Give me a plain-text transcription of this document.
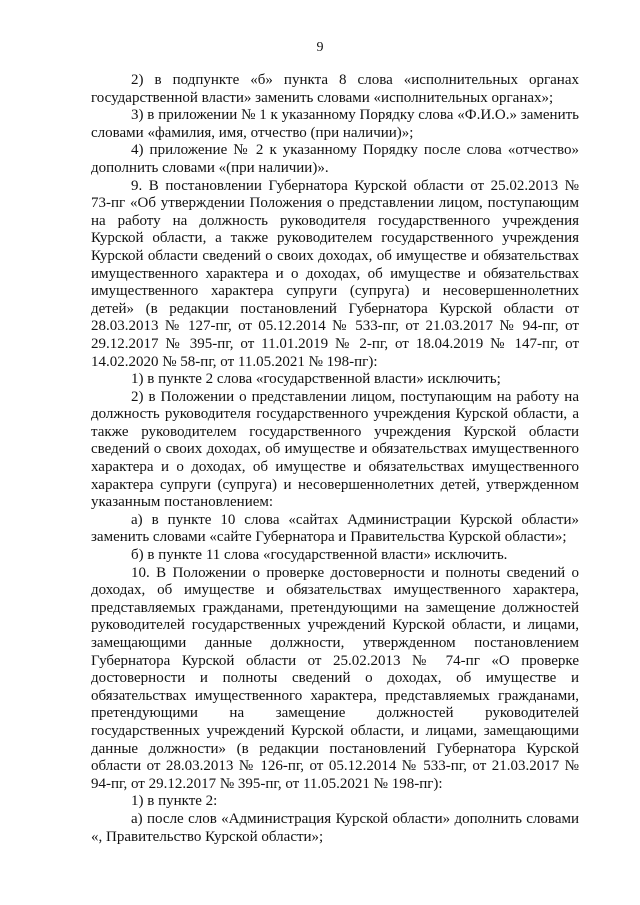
9

2) в подпункте «б» пункта 8 слова «исполнительных органах государственной власти» заменить словами «исполнительных органах»;

3) в приложении № 1 к указанному Порядку слова «Ф.И.О.» заменить словами «фамилия, имя, отчество (при наличии)»;

4) приложение № 2 к указанному Порядку после слова «отчество» дополнить словами «(при наличии)».

9. В постановлении Губернатора Курской области от 25.02.2013 № 73-пг «Об утверждении Положения о представлении лицом, поступающим на работу на должность руководителя государственного учреждения Курской области, а также руководителем государственного учреждения Курской области сведений о своих доходах, об имуществе и обязательствах имущественного характера и о доходах, об имуществе и обязательствах имущественного характера супруги (супруга) и несовершеннолетних детей» (в редакции постановлений Губернатора Курской области от 28.03.2013 № 127-пг, от 05.12.2014 № 533-пг, от 21.03.2017 № 94-пг, от 29.12.2017 № 395-пг, от 11.01.2019 № 2-пг, от 18.04.2019 № 147-пг, от 14.02.2020 № 58-пг, от 11.05.2021 № 198-пг):

1) в пункте 2 слова «государственной власти» исключить;

2) в Положении о представлении лицом, поступающим на работу на должность руководителя государственного учреждения Курской области, а также руководителем государственного учреждения Курской области сведений о своих доходах, об имуществе и обязательствах имущественного характера и о доходах, об имуществе и обязательствах имущественного характера супруги (супруга) и несовершеннолетних детей, утвержденном указанным постановлением:

а) в пункте 10 слова «сайтах Администрации Курской области» заменить словами «сайте Губернатора и Правительства Курской области»;

б) в пункте 11 слова «государственной власти» исключить.

10. В Положении о проверке достоверности и полноты сведений о доходах, об имуществе и обязательствах имущественного характера, представляемых гражданами, претендующими на замещение должностей руководителей государственных учреждений Курской области, и лицами, замещающими данные должности, утвержденном постановлением Губернатора Курской области от 25.02.2013 № 74-пг «О проверке достоверности и полноты сведений о доходах, об имуществе и обязательствах имущественного характера, представляемых гражданами, претендующими на замещение должностей руководителей государственных учреждений Курской области, и лицами, замещающими данные должности» (в редакции постановлений Губернатора Курской области от 28.03.2013 № 126-пг, от 05.12.2014 № 533-пг, от 21.03.2017 № 94-пг, от 29.12.2017 № 395-пг, от 11.05.2021 № 198-пг):

1) в пункте 2:

а) после слов «Администрация Курской области» дополнить словами «, Правительство Курской области»;
